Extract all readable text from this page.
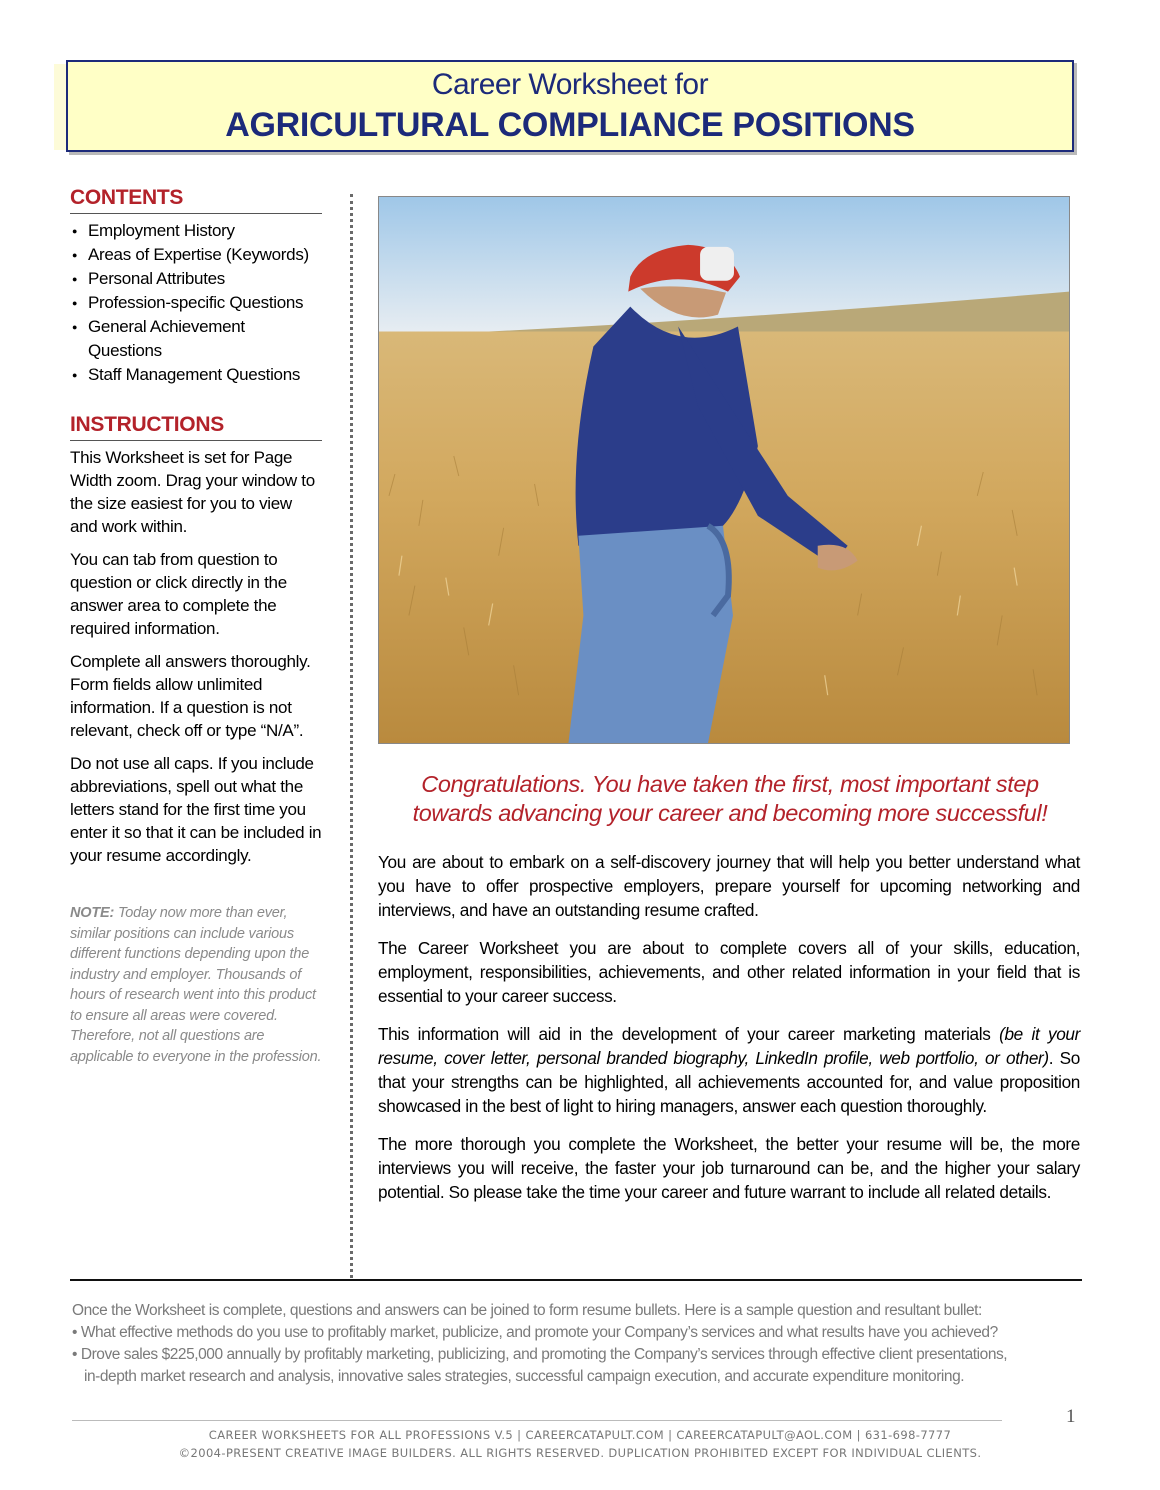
Career Worksheet for
AGRICULTURAL COMPLIANCE POSITIONS
CONTENTS
● Employment History
● Areas of Expertise (Keywords)
● Personal Attributes
● Profession-specific Questions
● General Achievement Questions
● Staff Management Questions
INSTRUCTIONS

This Worksheet is set for Page Width zoom. Drag your window to the size easiest for you to view and work within.

You can tab from question to question or click directly in the answer area to complete the required information.

Complete all answers thoroughly. Form fields allow unlimited information. If a question is not relevant, check off or type “N/A”.

Do not use all caps. If you include abbreviations, spell out what the letters stand for the first time you enter it so that it can be included in your resume accordingly.

NOTE: Today now more than ever, similar positions can include various different functions depending upon the industry and employer. Thousands of hours of research went into this product to ensure all areas were covered. Therefore, not all questions are applicable to everyone in the profession.
Congratulations. You have taken the first, most important step
towards advancing your career and becoming more successful!

You are about to embark on a self-discovery journey that will help you better understand what you have to offer prospective employers, prepare yourself for upcoming networking and interviews, and have an outstanding resume crafted.

The Career Worksheet you are about to complete covers all of your skills, education, employment, responsibilities, achievements, and other related information in your field that is essential to your career success.

This information will aid in the development of your career marketing materials (be it your resume, cover letter, personal branded biography, LinkedIn profile, web portfolio, or other). So that your strengths can be highlighted, all achievements accounted for, and value proposition showcased in the best of light to hiring managers, answer each question thoroughly.

The more thorough you complete the Worksheet, the better your resume will be, the more interviews you will receive, the faster your job turnaround can be, and the higher your salary potential. So please take the time your career and future warrant to include all related details.

Once the Worksheet is complete, questions and answers can be joined to form resume bullets. Here is a sample question and resultant bullet:
• What effective methods do you use to profitably market, publicize, and promote your Company’s services and what results have you achieved?
• Drove sales $225,000 annually by profitably marketing, publicizing, and promoting the Company’s services through effective client presentations,
in-depth market research and analysis, innovative sales strategies, successful campaign execution, and accurate expenditure monitoring.
1
CAREER WORKSHEETS FOR ALL PROFESSIONS V.5 | CAREERCATAPULT.COM | CAREERCATAPULT@AOL.COM | 631-698-7777
©2004-PRESENT CREATIVE IMAGE BUILDERS. ALL RIGHTS RESERVED. DUPLICATION PROHIBITED EXCEPT FOR INDIVIDUAL CLIENTS.
